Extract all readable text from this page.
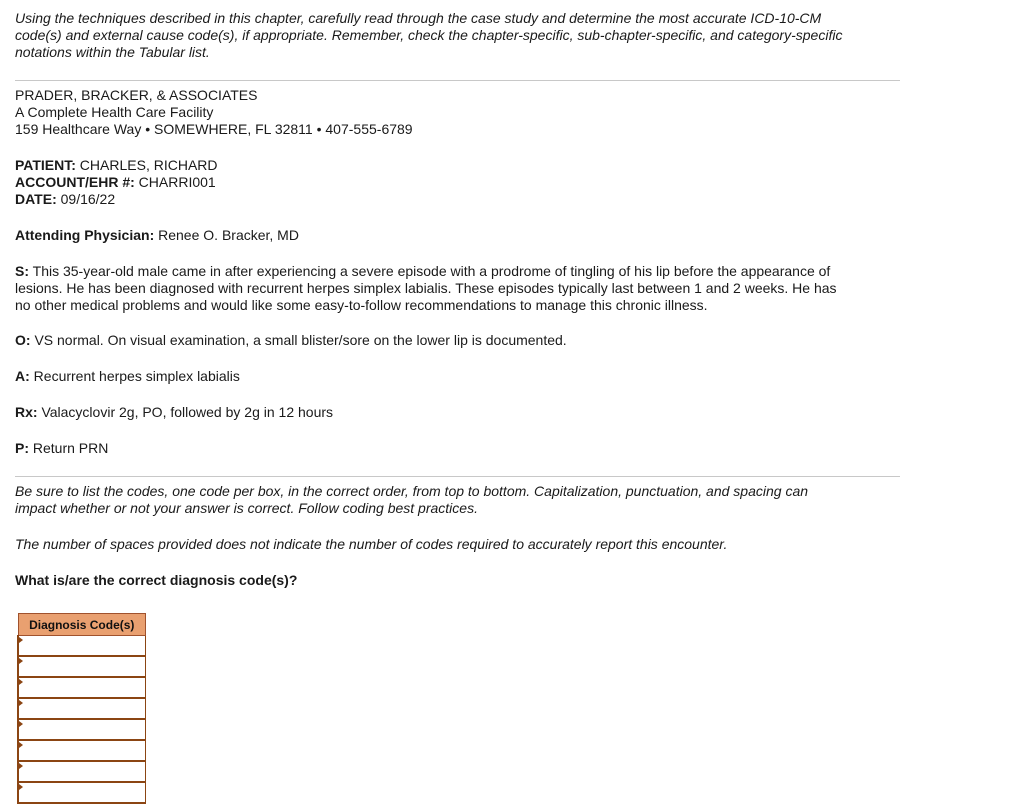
Using the techniques described in this chapter, carefully read through the case study and determine the most accurate ICD-10-CM
code(s) and external cause code(s), if appropriate. Remember, check the chapter-specific, sub-chapter-specific, and category-specific
notations within the Tabular list.
PRADER, BRACKER, & ASSOCIATES
A Complete Health Care Facility
159 Healthcare Way • SOMEWHERE, FL 32811 • 407-555-6789
PATIENT: CHARLES, RICHARD
ACCOUNT/EHR #: CHARRI001
DATE: 09/16/22
Attending Physician: Renee O. Bracker, MD
S: This 35-year-old male came in after experiencing a severe episode with a prodrome of tingling of his lip before the appearance of
lesions. He has been diagnosed with recurrent herpes simplex labialis. These episodes typically last between 1 and 2 weeks. He has
no other medical problems and would like some easy-to-follow recommendations to manage this chronic illness.
O: VS normal. On visual examination, a small blister/sore on the lower lip is documented.
A: Recurrent herpes simplex labialis
Rx: Valacyclovir 2g, PO, followed by 2g in 12 hours
P: Return PRN
Be sure to list the codes, one code per box, in the correct order, from top to bottom. Capitalization, punctuation, and spacing can
impact whether or not your answer is correct. Follow coding best practices.
The number of spaces provided does not indicate the number of codes required to accurately report this encounter.
What is/are the correct diagnosis code(s)?
Diagnosis Code(s)
